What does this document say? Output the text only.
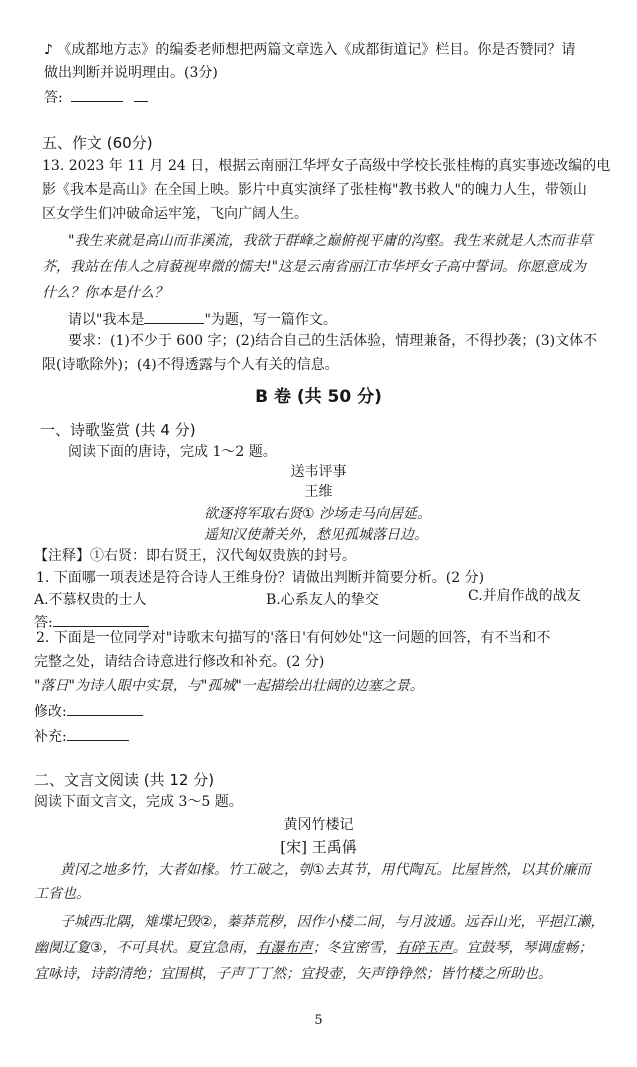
♪ 《成都地方志》的编委老师想把两篇文章选入《成都街道记》栏目。你是否赞同？请
做出判断并说明理由。(3分)
答:
五、作文 (60分)
13. 2023 年 11 月 24 日，根据云南丽江华坪女子高级中学校长张桂梅的真实事迹改编的电
影《我本是高山》在全国上映。影片中真实演绎了张桂梅"教书救人"的魄力人生，带领山
区女学生们冲破命运牢笼，飞向广阔人生。
"我生来就是高山而非溪流，我欲于群峰之巅俯视平庸的沟壑。我生来就是人杰而非草
芥，我站在伟人之肩藐视卑微的懦夫!"这是云南省丽江市华坪女子高中誓词。你愿意成为
什么？你本是什么？
请以"我本是	"为题，写一篇作文。
要求：(1)不少于 600 字；(2)结合自己的生活体验，情理兼备，不得抄袭；(3)文体不
限(诗歌除外)；(4)不得透露与个人有关的信息。
B 卷 (共 50 分)
一、诗歌鉴赏 (共 4 分)
阅读下面的唐诗，完成 1～2 题。
送韦评事
王维
欲逐将军取右贤① 沙场走马向居延。
遥知汉使萧关外，愁见孤城落日边。
【注释】①右贤：即右贤王，汉代匈奴贵族的封号。
1. 下面哪一项表述是符合诗人王维身份？请做出判断并简要分析。(2 分)
A.不慕权贵的士人	B.心系友人的挚交	C.并肩作战的战友
答:
2. 下面是一位同学对"诗歌末句描写的'落日'有何妙处"这一问题的回答，有不当和不
完整之处，请结合诗意进行修改和补充。(2 分)
"落日"为诗人眼中实景，与"孤城"一起描绘出壮阔的边塞之景。
修改:
补充:
二、文言文阅读 (共 12 分)
阅读下面文言文，完成 3～5 题。
黄冈竹楼记
[宋] 王禹偁
黄冈之地多竹，大者如椽。竹工破之，刳①去其节，用代陶瓦。比屋皆然，以其价廉而
工省也。
子城西北隅，雉堞圮毁②，蓁莽荒秽，因作小楼二间，与月波通。远吞山光，平挹江濑，
幽阒辽夐③，不可具状。夏宜急雨，有瀑布声；冬宜密雪，有碎玉声。宜鼓琴，琴调虚畅；
宜咏诗，诗韵清绝；宜围棋，子声丁丁然；宜投壶，矢声铮铮然；皆竹楼之所助也。
5
